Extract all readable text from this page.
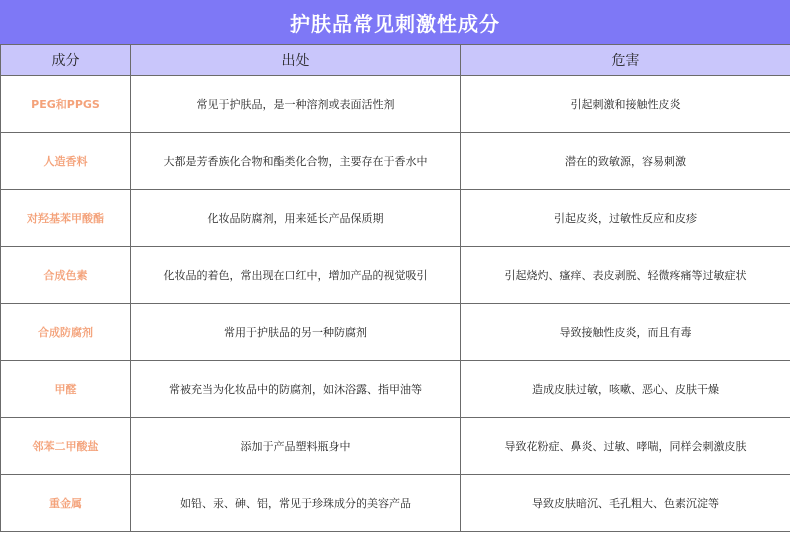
护肤品常见刺激性成分
成分	出处	危害
PEG和PPGS	常见于护肤品，是一种溶剂或表面活性剂	引起刺激和接触性皮炎
人造香料	大都是芳香族化合物和酯类化合物，主要存在于香水中	潜在的致敏源，容易刺激
对羟基苯甲酸酯	化妆品防腐剂，用来延长产品保质期	引起皮炎，过敏性反应和皮疹
合成色素	化妆品的着色，常出现在口红中，增加产品的视觉吸引	引起烧灼、瘙痒、表皮剥脱、轻微疼痛等过敏症状
合成防腐剂	常用于护肤品的另一种防腐剂	导致接触性皮炎，而且有毒
甲醛	常被充当为化妆品中的防腐剂，如沐浴露、指甲油等	造成皮肤过敏，咳嗽、恶心、皮肤干燥
邻苯二甲酸盐	添加于产品塑料瓶身中	导致花粉症、鼻炎、过敏、哮喘，同样会刺激皮肤
重金属	如铅、汞、砷、铝，常见于珍珠成分的美容产品	导致皮肤暗沉、毛孔粗大、色素沉淀等
